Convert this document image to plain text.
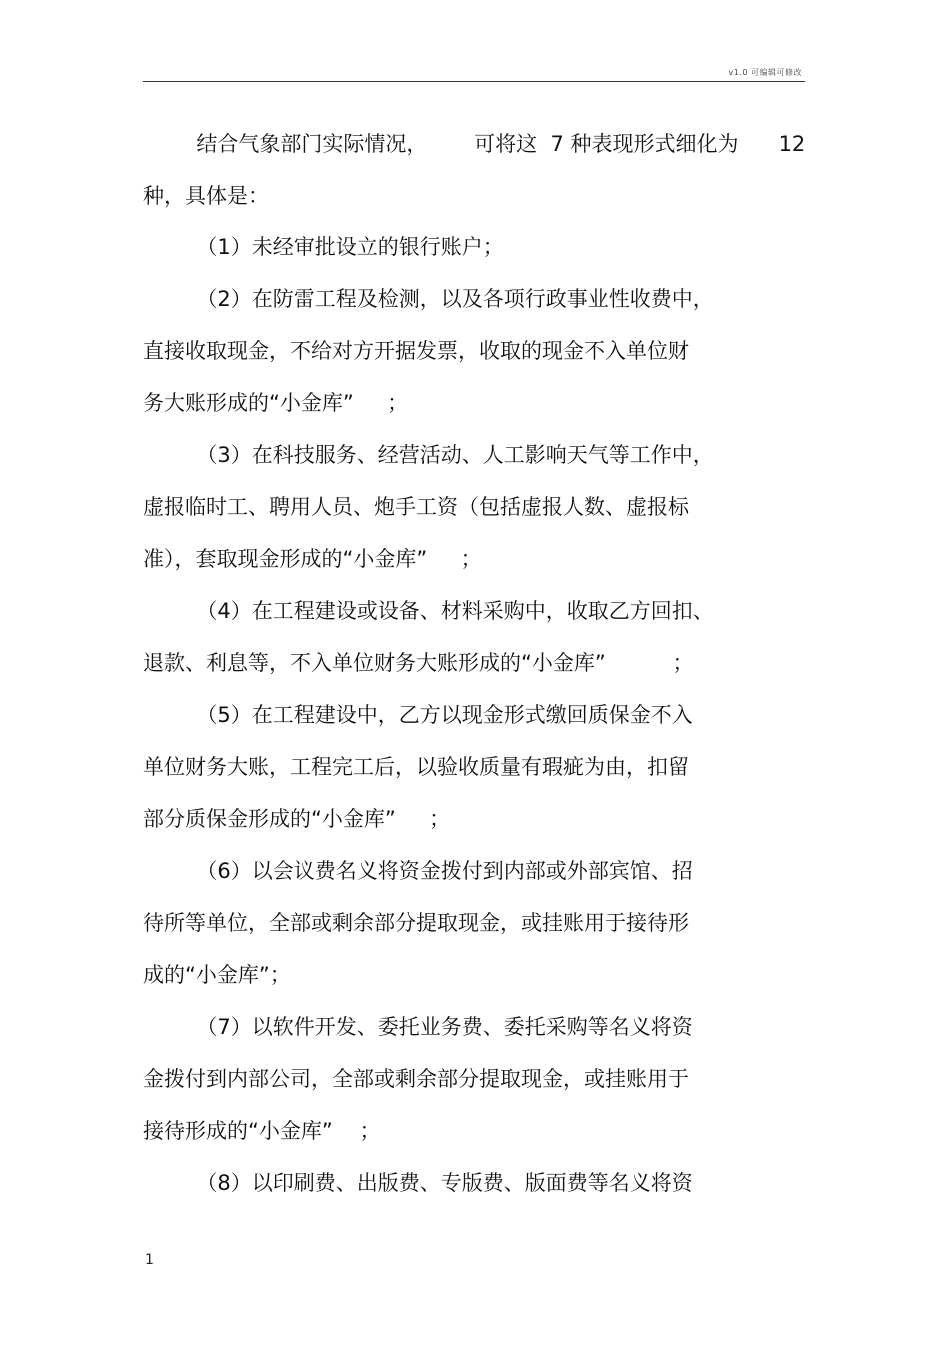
v1.0 可编辑可修改
结合气象部门实际情况，       可将这  7 种表现形式细化为      12
种，具体是：
（1）未经审批设立的银行账户；
（2）在防雷工程及检测，以及各项行政事业性收费中，
直接收取现金，不给对方开据发票，收取的现金不入单位财
务大账形成的“小金库”     ；
（3）在科技服务、经营活动、人工影响天气等工作中，
虚报临时工、聘用人员、炮手工资（包括虚报人数、虚报标
准），套取现金形成的“小金库”     ；
（4）在工程建设或设备、材料采购中，收取乙方回扣、
退款、利息等，不入单位财务大账形成的“小金库”          ；
（5）在工程建设中，乙方以现金形式缴回质保金不入
单位财务大账，工程完工后，以验收质量有瑕疵为由，扣留
部分质保金形成的“小金库”     ；
（6）以会议费名义将资金拨付到内部或外部宾馆、招
待所等单位，全部或剩余部分提取现金，或挂账用于接待形
成的“小金库”；
（7）以软件开发、委托业务费、委托采购等名义将资
金拨付到内部公司，全部或剩余部分提取现金，或挂账用于
接待形成的“小金库”    ；
（8）以印刷费、出版费、专版费、版面费等名义将资
1
